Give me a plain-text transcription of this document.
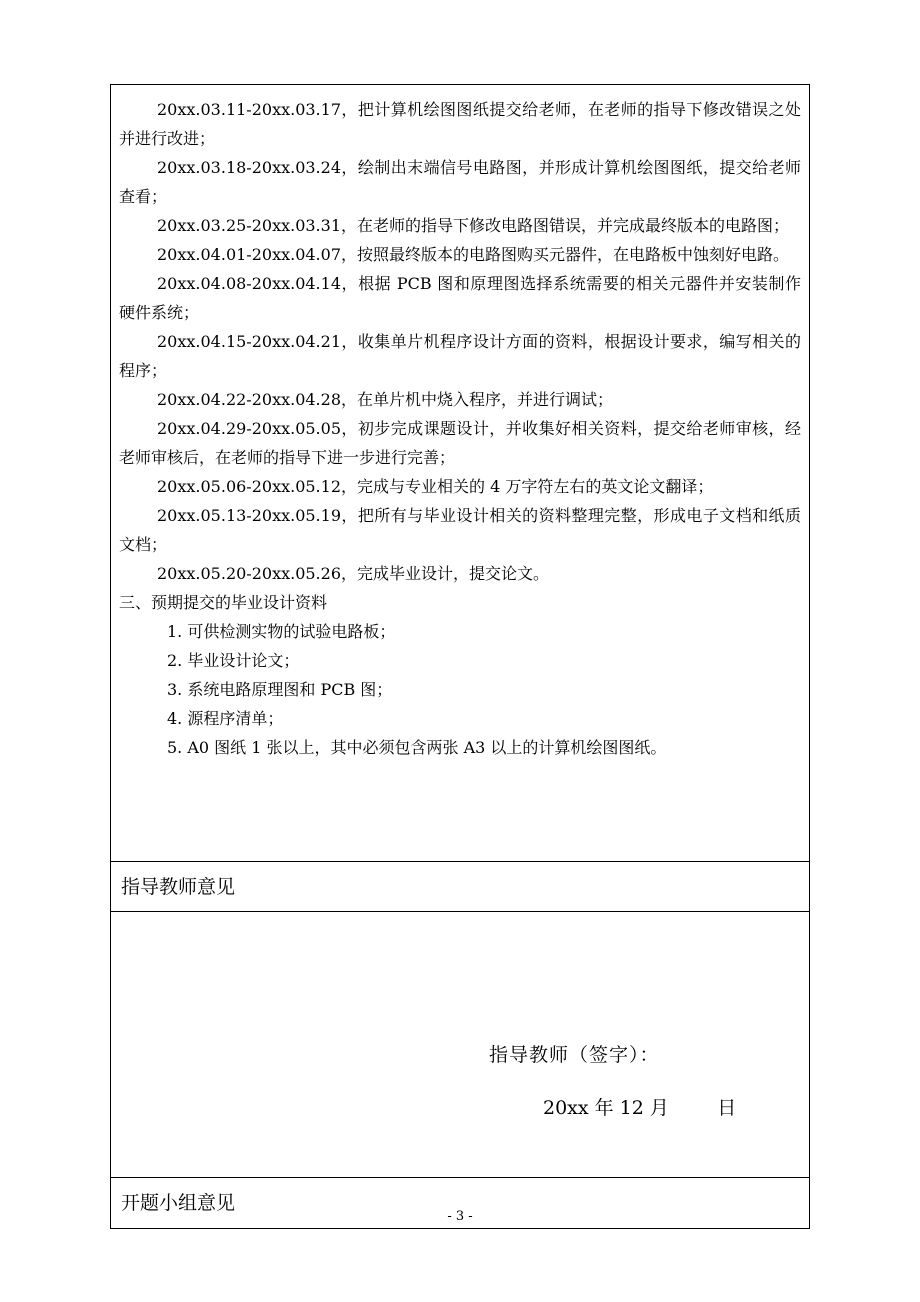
20xx.03.11-20xx.03.17，把计算机绘图图纸提交给老师，在老师的指导下修改错误之处并进行改进；

20xx.03.18-20xx.03.24，绘制出末端信号电路图，并形成计算机绘图图纸，提交给老师查看；

20xx.03.25-20xx.03.31，在老师的指导下修改电路图错误，并完成最终版本的电路图；

20xx.04.01-20xx.04.07，按照最终版本的电路图购买元器件，在电路板中蚀刻好电路。

20xx.04.08-20xx.04.14，根据 PCB 图和原理图选择系统需要的相关元器件并安装制作硬件系统；

20xx.04.15-20xx.04.21，收集单片机程序设计方面的资料，根据设计要求，编写相关的程序；

20xx.04.22-20xx.04.28，在单片机中烧入程序，并进行调试；

20xx.04.29-20xx.05.05，初步完成课题设计，并收集好相关资料，提交给老师审核，经老师审核后，在老师的指导下进一步进行完善；

20xx.05.06-20xx.05.12，完成与专业相关的 4 万字符左右的英文论文翻译；

20xx.05.13-20xx.05.19，把所有与毕业设计相关的资料整理完整，形成电子文档和纸质文档；

20xx.05.20-20xx.05.26，完成毕业设计，提交论文。

三、预期提交的毕业设计资料

1. 可供检测实物的试验电路板；

2. 毕业设计论文；

3. 系统电路原理图和 PCB 图；

4. 源程序清单；

5. A0 图纸 1 张以上，其中必须包含两张 A3 以上的计算机绘图图纸。

指导教师意见
指导教师（签字）：
20xx 年 12 月        日
开题小组意见
- 3 -
